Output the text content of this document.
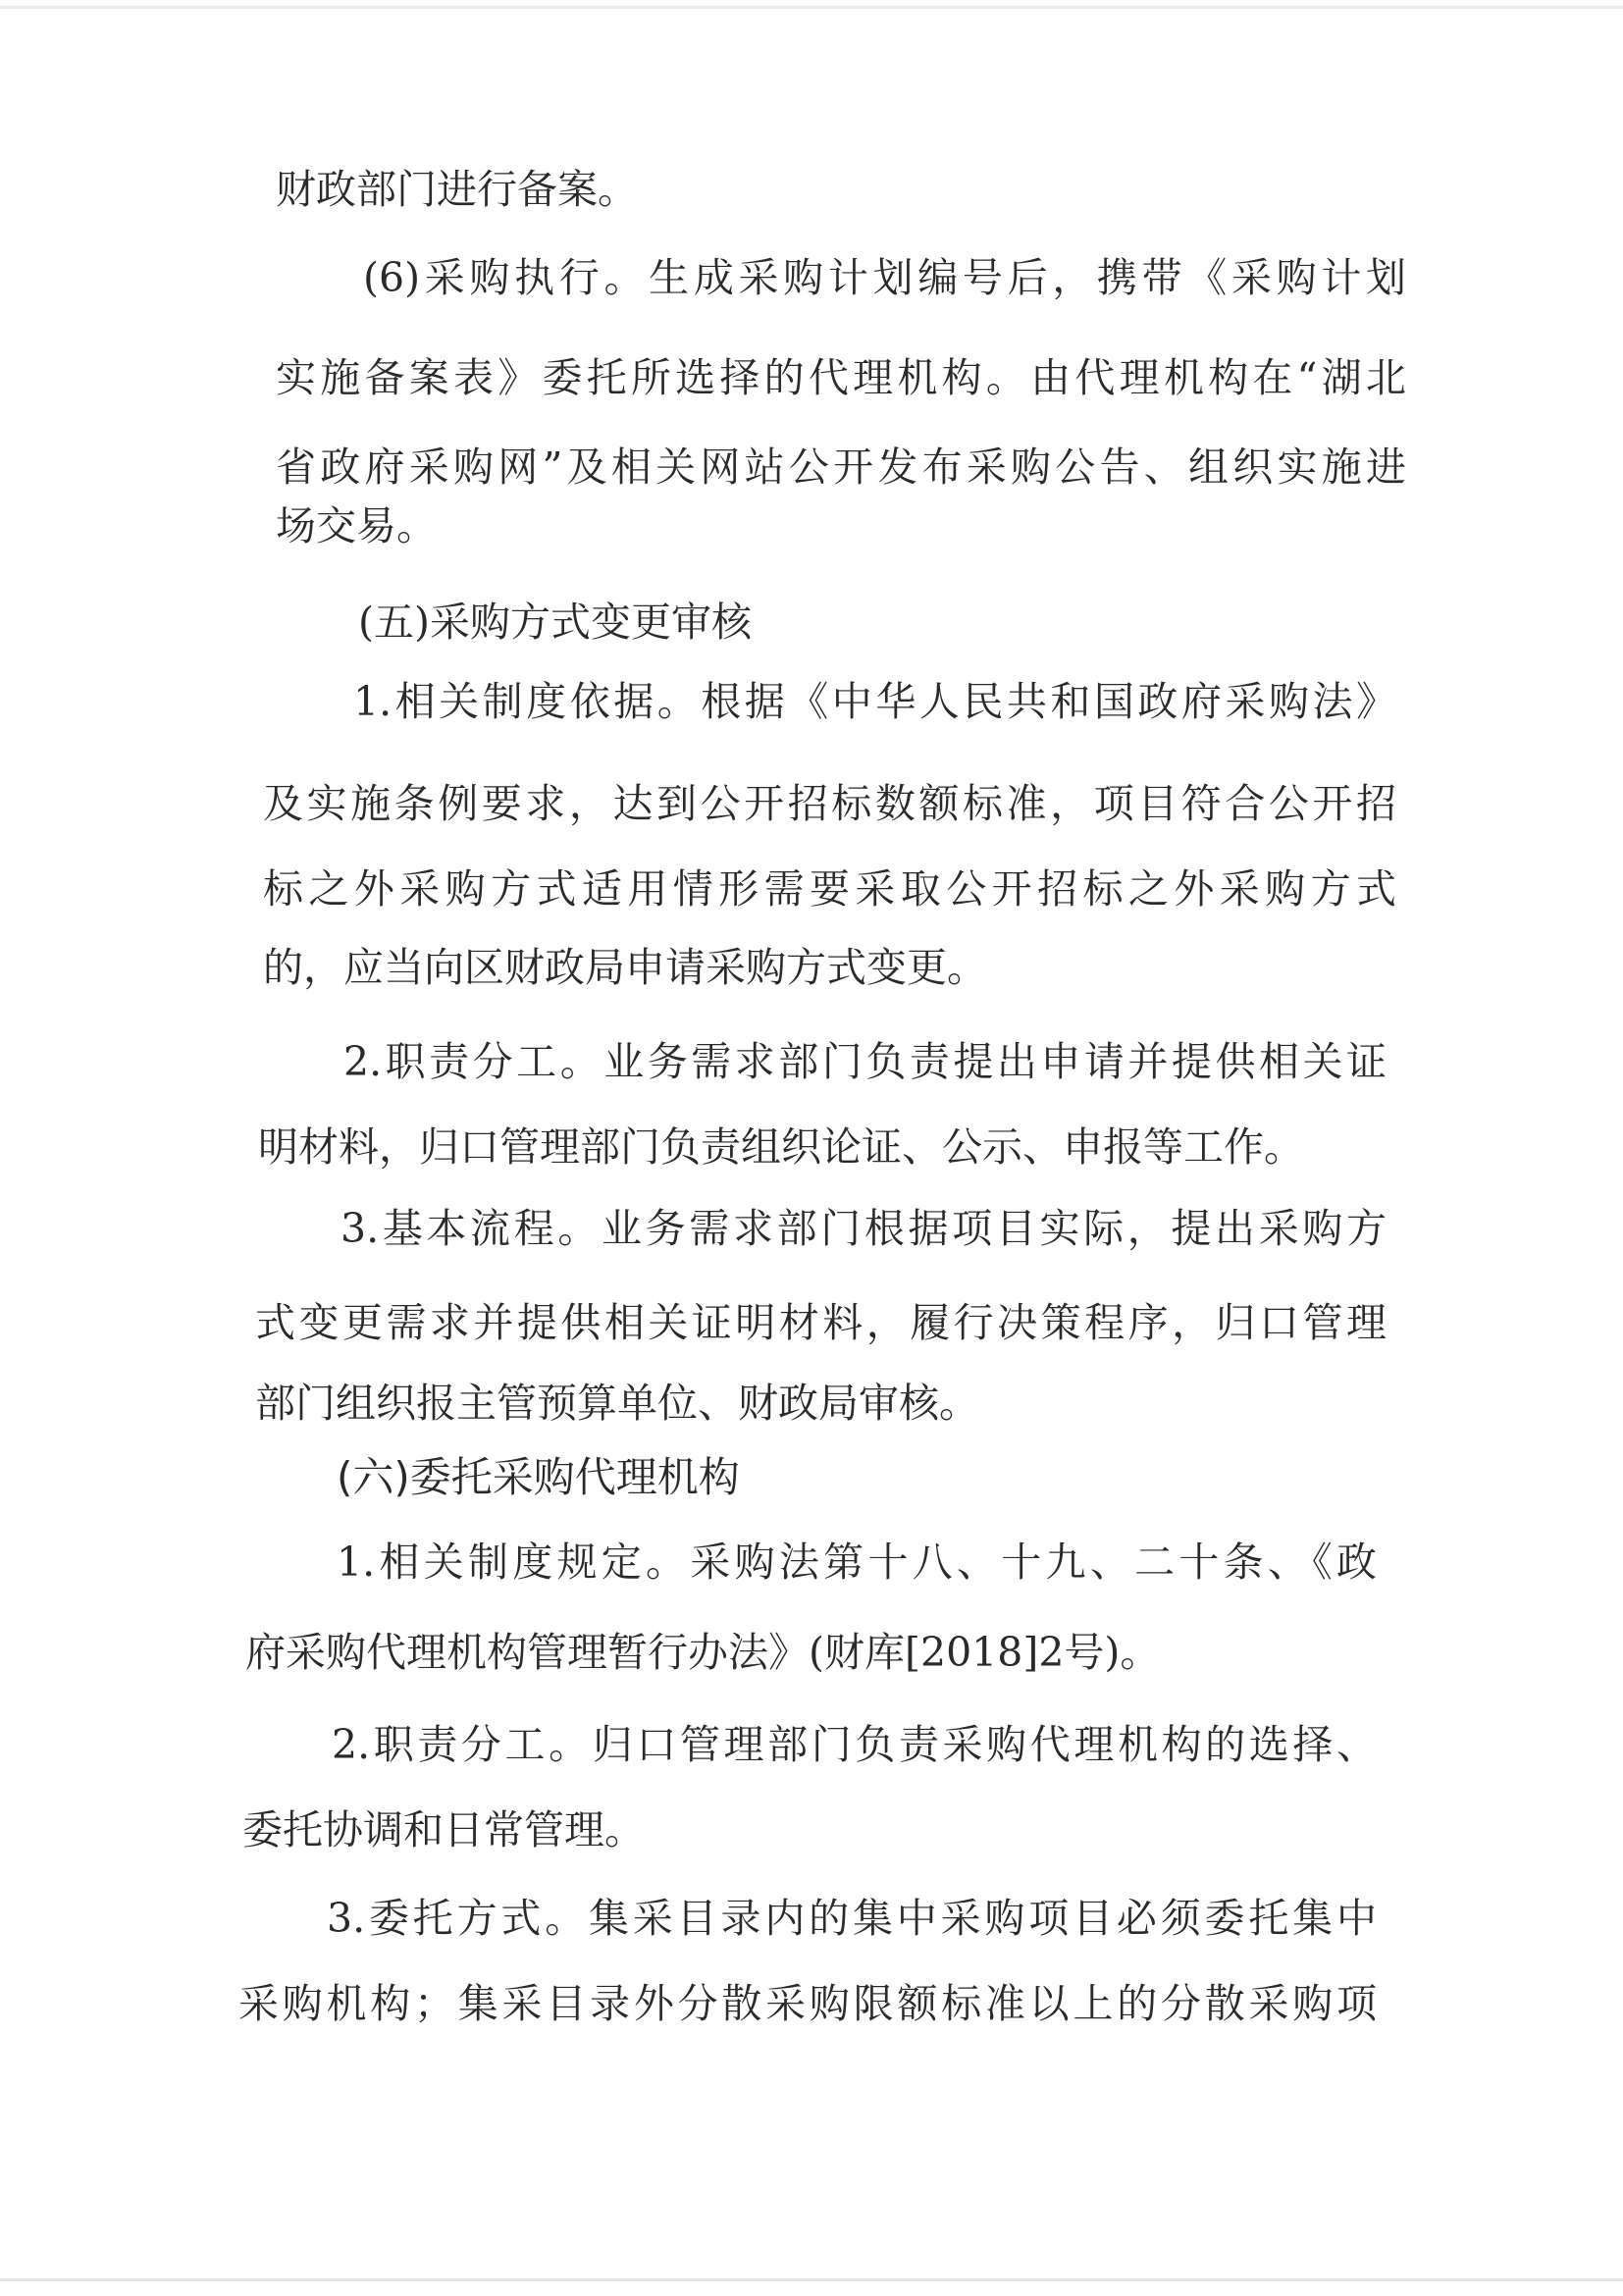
财政部门进行备案。
(6)采购执行。生成采购计划编号后，携带《采购计划
实施备案表》委托所选择的代理机构。由代理机构在“湖北
省政府采购网”及相关网站公开发布采购公告、组织实施进
场交易。
(五)采购方式变更审核
1.相关制度依据。根据《中华人民共和国政府采购法》
及实施条例要求，达到公开招标数额标准，项目符合公开招
标之外采购方式适用情形需要采取公开招标之外采购方式
的，应当向区财政局申请采购方式变更。
2.职责分工。业务需求部门负责提出申请并提供相关证
明材料，归口管理部门负责组织论证、公示、申报等工作。
3.基本流程。业务需求部门根据项目实际，提出采购方
式变更需求并提供相关证明材料，履行决策程序，归口管理
部门组织报主管预算单位、财政局审核。
(六)委托采购代理机构
1.相关制度规定。采购法第十八、十九、二十条、《政
府采购代理机构管理暂行办法》(财库[2018]2号)。
2.职责分工。归口管理部门负责采购代理机构的选择、
委托协调和日常管理。
3.委托方式。集采目录内的集中采购项目必须委托集中
采购机构；集采目录外分散采购限额标准以上的分散采购项
